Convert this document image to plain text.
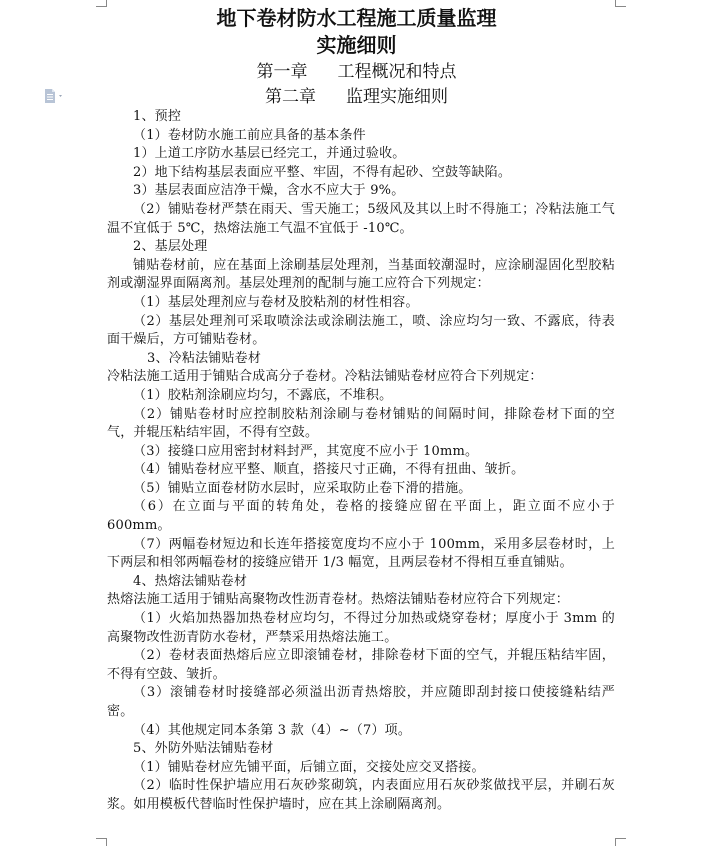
地下卷材防水工程施工质量监理
实施细则
第一章 工程概况和特点
第二章 监理实施细则

1、预控

（1）卷材防水施工前应具备的基本条件

1）上道工序防水基层已经完工，并通过验收。

2）地下结构基层表面应平整、牢固，不得有起砂、空鼓等缺陷。

3）基层表面应洁净干燥，含水不应大于 9%。

（2）铺贴卷材严禁在雨天、雪天施工；5级风及其以上时不得施工；冷粘法施工气温不宜低于 5℃，热熔法施工气温不宜低于 -10℃。

2、基层处理

铺贴卷材前，应在基面上涂刷基层处理剂，当基面较潮湿时，应涂刷湿固化型胶粘剂或潮湿界面隔离剂。基层处理剂的配制与施工应符合下列规定：

（1）基层处理剂应与卷材及胶粘剂的材性相容。

（2）基层处理剂可采取喷涂法或涂刷法施工，喷、涂应均匀一致、不露底，待表面干燥后，方可铺贴卷材。

3、冷粘法铺贴卷材

冷粘法施工适用于铺贴合成高分子卷材。冷粘法铺贴卷材应符合下列规定：

（1）胶粘剂涂刷应均匀，不露底，不堆积。

（2）铺贴卷材时应控制胶粘剂涂刷与卷材铺贴的间隔时间，排除卷材下面的空气，并辊压粘结牢固，不得有空鼓。

（3）接缝口应用密封材料封严，其宽度不应小于 10mm。

（4）铺贴卷材应平整、顺直，搭接尺寸正确，不得有扭曲、皱折。

（5）铺贴立面卷材防水层时，应采取防止卷下滑的措施。

（6）在立面与平面的转角处，卷格的接缝应留在平面上，距立面不应小于 600mm。

（7）两幅卷材短边和长连年搭接宽度均不应小于 100mm，采用多层卷材时，上下两层和相邻两幅卷材的接缝应错开 1/3 幅宽，且两层卷材不得相互垂直铺贴。

4、热熔法铺贴卷材

热熔法施工适用于铺贴高聚物改性沥青卷材。热熔法铺贴卷材应符合下列规定：

（1）火焰加热器加热卷材应均匀，不得过分加热或烧穿卷材；厚度小于 3mm 的高聚物改性沥青防水卷材，严禁采用热熔法施工。

（2）卷材表面热熔后应立即滚铺卷材，排除卷材下面的空气，并辊压粘结牢固，不得有空鼓、皱折。

（3）滚铺卷材时接缝部必须溢出沥青热熔胶，并应随即刮封接口使接缝粘结严密。

（4）其他规定同本条第 3 款（4）~（7）项。

5、外防外贴法铺贴卷材

（1）铺贴卷材应先铺平面，后铺立面，交接处应交叉搭接。

（2）临时性保护墙应用石灰砂浆砌筑，内表面应用石灰砂浆做找平层，并刷石灰浆。如用模板代替临时性保护墙时，应在其上涂刷隔离剂。
